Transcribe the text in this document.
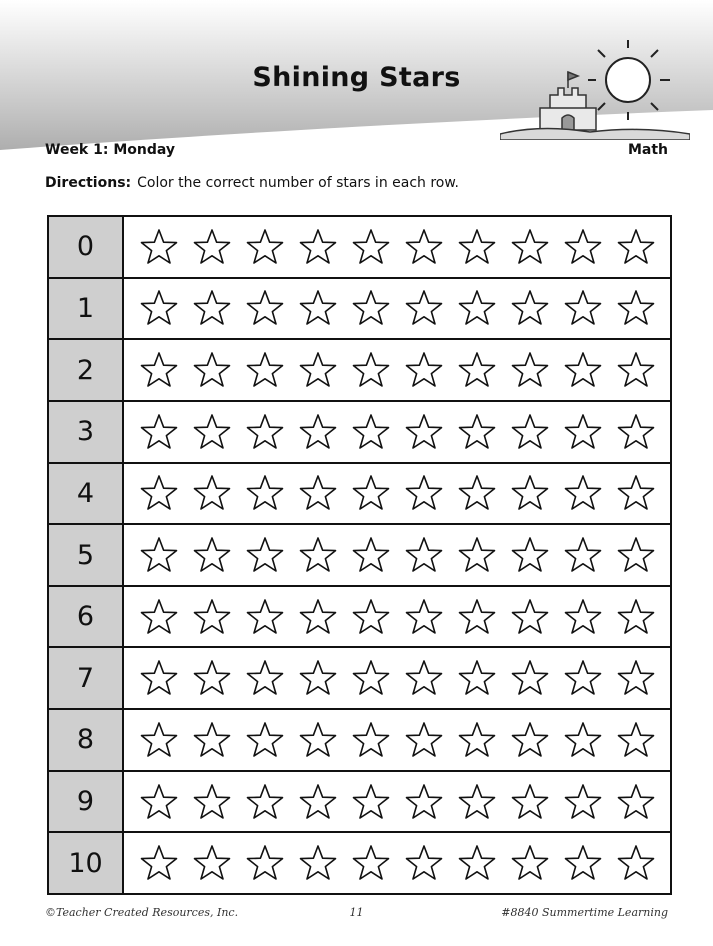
Shining Stars
Week 1: Monday	Math
Directions: Color the correct number of stars in each row.
0
1
2
3
4
5
6
7
8
9
10
©Teacher Created Resources, Inc.	11	#8840 Summertime Learning
